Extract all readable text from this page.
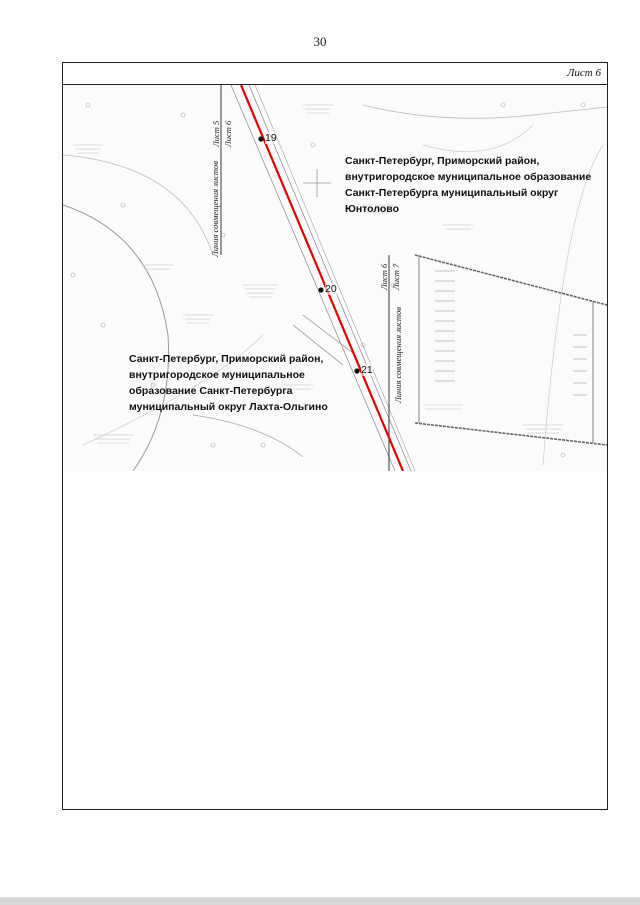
30
Лист 6
19
20
21
Санкт-Петербург, Приморский район, внутригородское муниципальное образование Санкт-Петербурга муниципальный округ Юнтолово
Санкт-Петербург, Приморский район, внутригородское муниципальное образование Санкт-Петербурга муниципальный округ Лахта-Ольгино
Линия совмещения листов
Лист 5 Лист 6
Линия совмещения листов
Лист 6 Лист 7
